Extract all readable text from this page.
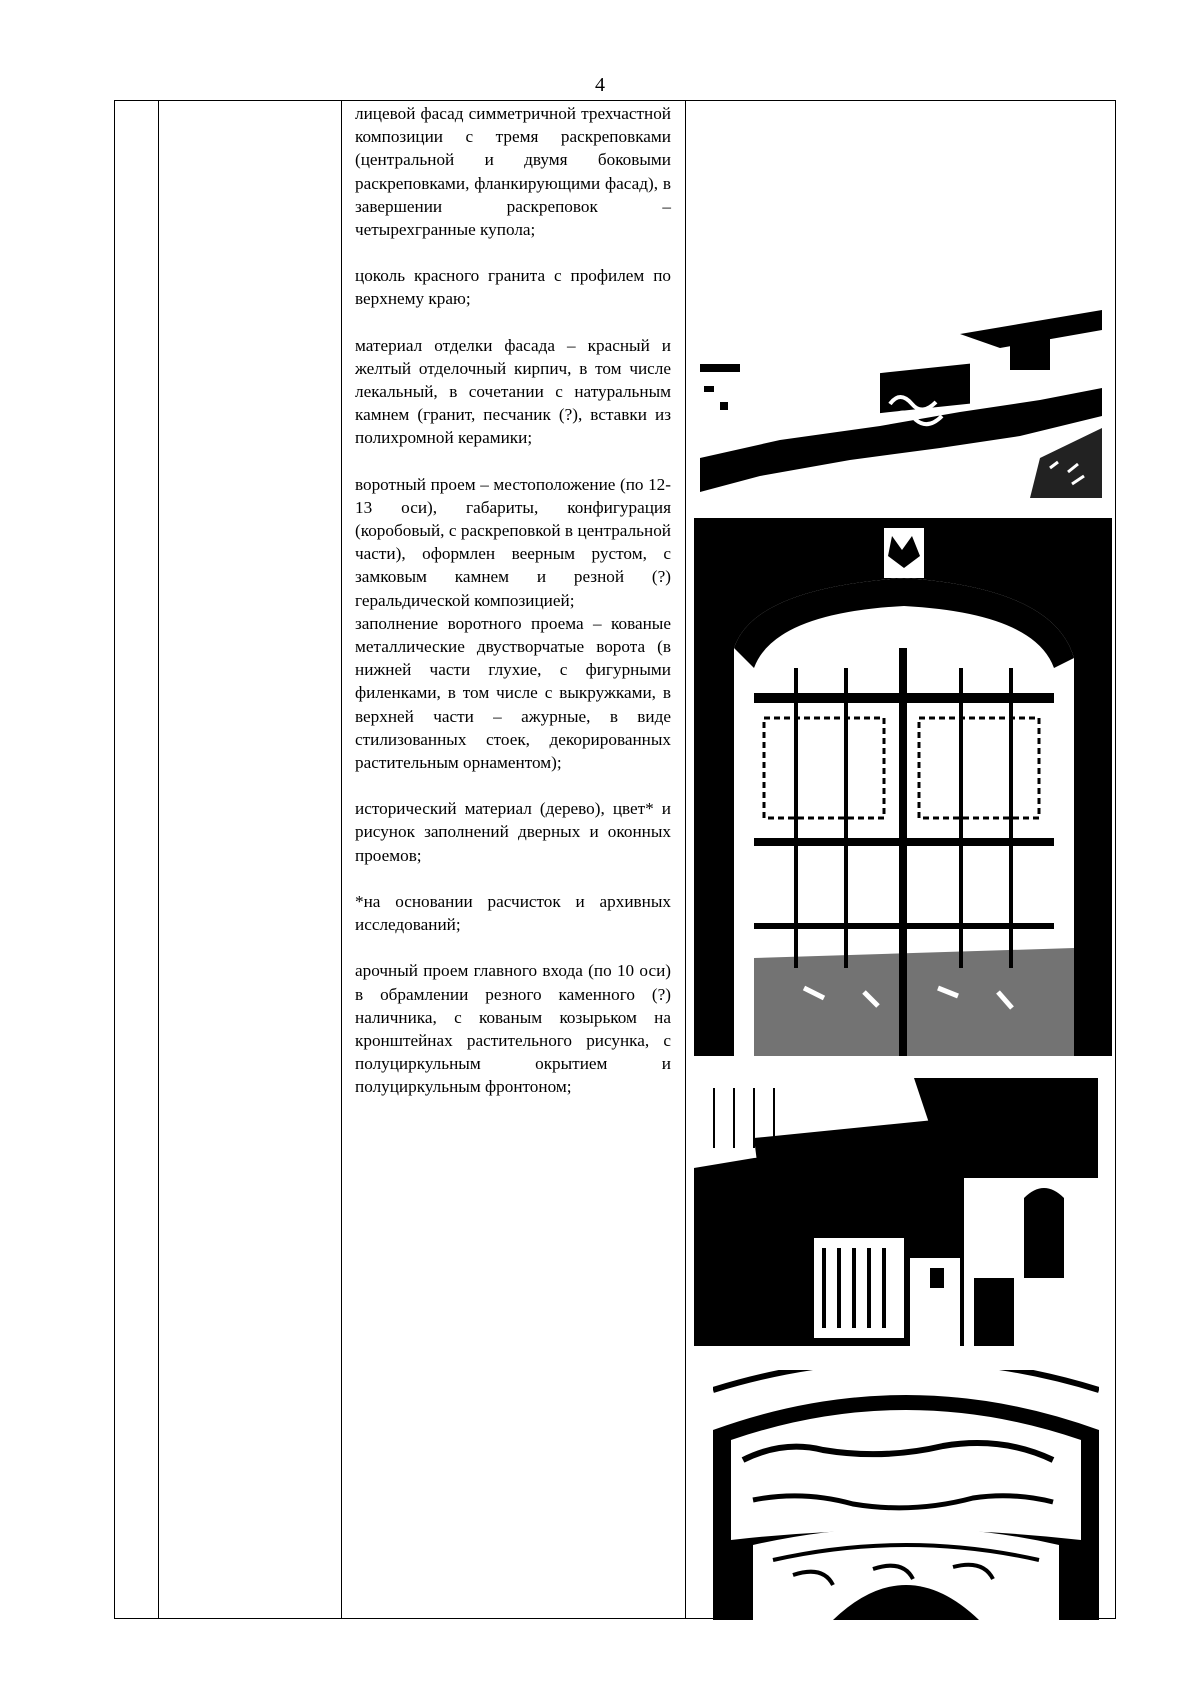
4

лицевой фасад симметричной трехчастной композиции с тремя раскреповками (центральной и двумя боковыми раскреповками, фланкирующими фасад), в завершении раскреповок – четырехгранные купола;

цоколь красного гранита с профилем по верхнему краю;

материал отделки фасада – красный и желтый отделочный кирпич, в том числе лекальный, в сочетании с натуральным камнем (гранит, песчаник (?), вставки из полихромной керамики;

воротный проем – местоположение (по 12-13 оси), габариты, конфигурация (коробовый, с раскреповкой в центральной части), оформлен веерным рустом, с замковым камнем и резной (?) геральдической композицией;

заполнение воротного проема – кованые металлические двустворчатые ворота (в нижней части глухие, с фигурными филенками, в том числе с выкружками, в верхней части – ажурные, в виде стилизованных стоек, декорированных растительным орнаментом);

исторический материал (дерево), цвет* и рисунок заполнений дверных и оконных проемов;

*на основании расчисток и архивных исследований;

арочный проем главного входа (по 10 оси) в обрамлении резного каменного (?) наличника, с кованым козырьком на кронштейнах растительного рисунка, с полуциркульным окрытием и полуциркульным фронтоном;
